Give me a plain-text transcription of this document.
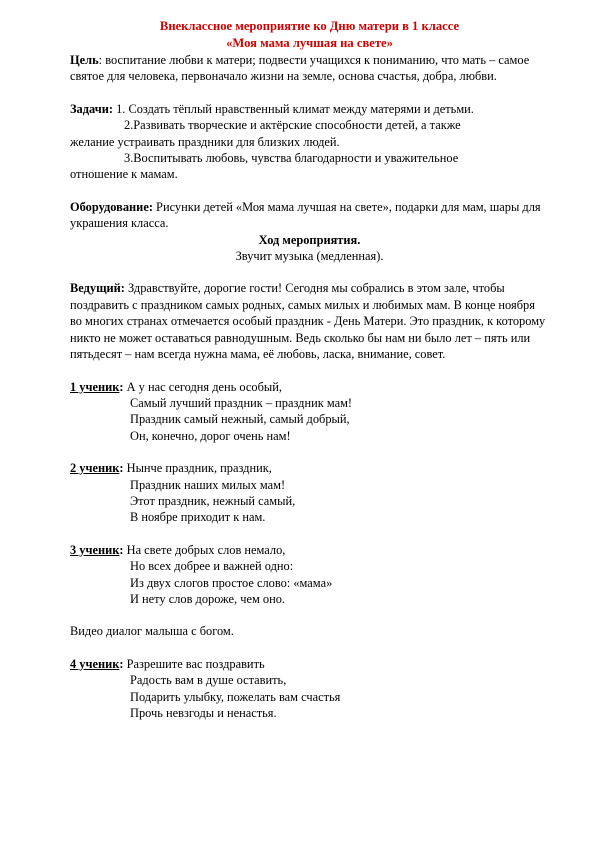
Внеклассное мероприятие ко Дню матери в 1 классе

«Моя мама лучшая на свете»

Цель: воспитание любви к матери; подвести учащихся к пониманию, что мать – самое святое для человека, первоначало жизни на земле, основа счастья, добра, любви.

Задачи: 1. Создать тёплый нравственный климат между матерями и детьми.

2.Развивать творческие и актёрские способности детей, а также

желание устраивать праздники для близких людей.

3.Воспитывать любовь, чувства благодарности и уважительное

отношение к мамам.

Оборудование: Рисунки детей «Моя мама лучшая на свете», подарки для мам, шары для украшения класса.

Ход мероприятия.

Звучит музыка (медленная).

Ведущий: Здравствуйте, дорогие гости! Сегодня мы собрались в этом зале, чтобы поздравить с праздником самых родных, самых милых и любимых мам. В конце ноября во многих странах отмечается особый праздник - День Матери. Это праздник, к которому никто не может оставаться равнодушным. Ведь сколько бы нам ни было лет – пять или пятьдесят – нам всегда нужна мама, её любовь, ласка, внимание, совет.

1 ученик: А у нас сегодня день особый,

Самый лучший праздник – праздник мам!
Праздник самый нежный, самый добрый,
Он, конечно, дорог очень нам!

2 ученик: Нынче праздник, праздник,

Праздник наших милых мам!
Этот праздник, нежный самый,
В ноябре приходит к нам.

3 ученик: На свете добрых слов немало,

Но всех добрее и важней одно:
Из двух слогов простое слово: «мама»
И нету слов дороже, чем оно.

Видео диалог малыша с богом.

4 ученик: Разрешите вас поздравить

Радость вам в душе оставить,
Подарить улыбку, пожелать вам счастья
Прочь невзгоды и ненастья.
